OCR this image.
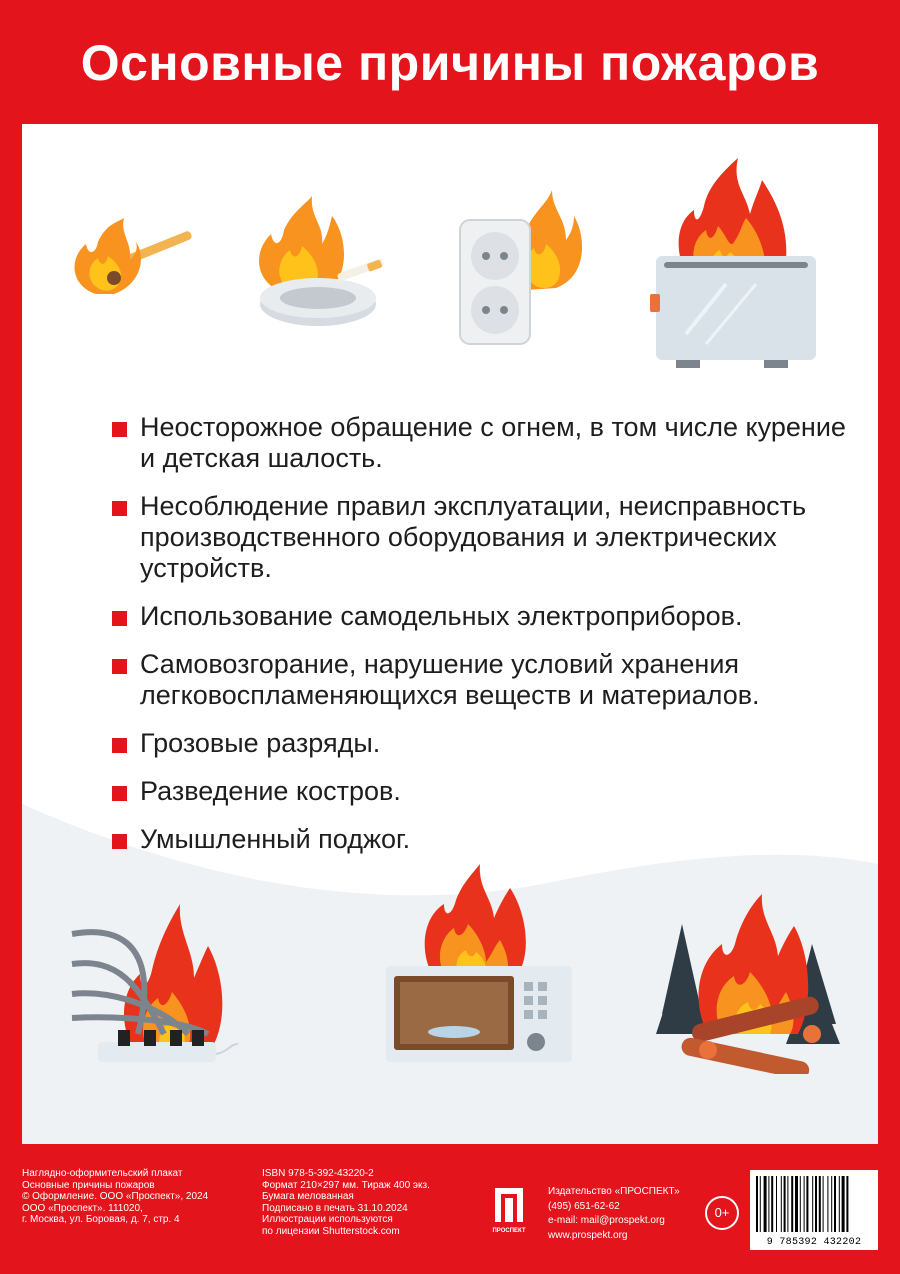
Основные причины пожаров
Неосторожное обращение с огнем, в том числе курение и детская шалость.
Несоблюдение правил эксплуатации, неисправность производственного оборудования и электрических устройств.
Использование самодельных электроприборов.
Самовозгорание, нарушение условий хранения легковоспламеняющихся веществ и материалов.
Грозовые разряды.
Разведение костров.
Умышленный поджог.
Наглядно-оформительский плакат
Основные причины пожаров
© Оформление. ООО «Проспект», 2024
ООО «Проспект». 111020,
г. Москва, ул. Боровая, д. 7, стр. 4
ISBN 978-5-392-43220-2
Формат 210×297 мм. Тираж 400 экз.
Бумага мелованная
Подписано в печать 31.10.2024
Иллюстрации используются
по лицензии Shutterstock.com
Издательство «ПРОСПЕКТ»
(495) 651-62-62
e-mail: mail@prospekt.org
www.prospekt.org
ПРОСПЕКТ
0+
9 785392 432202
